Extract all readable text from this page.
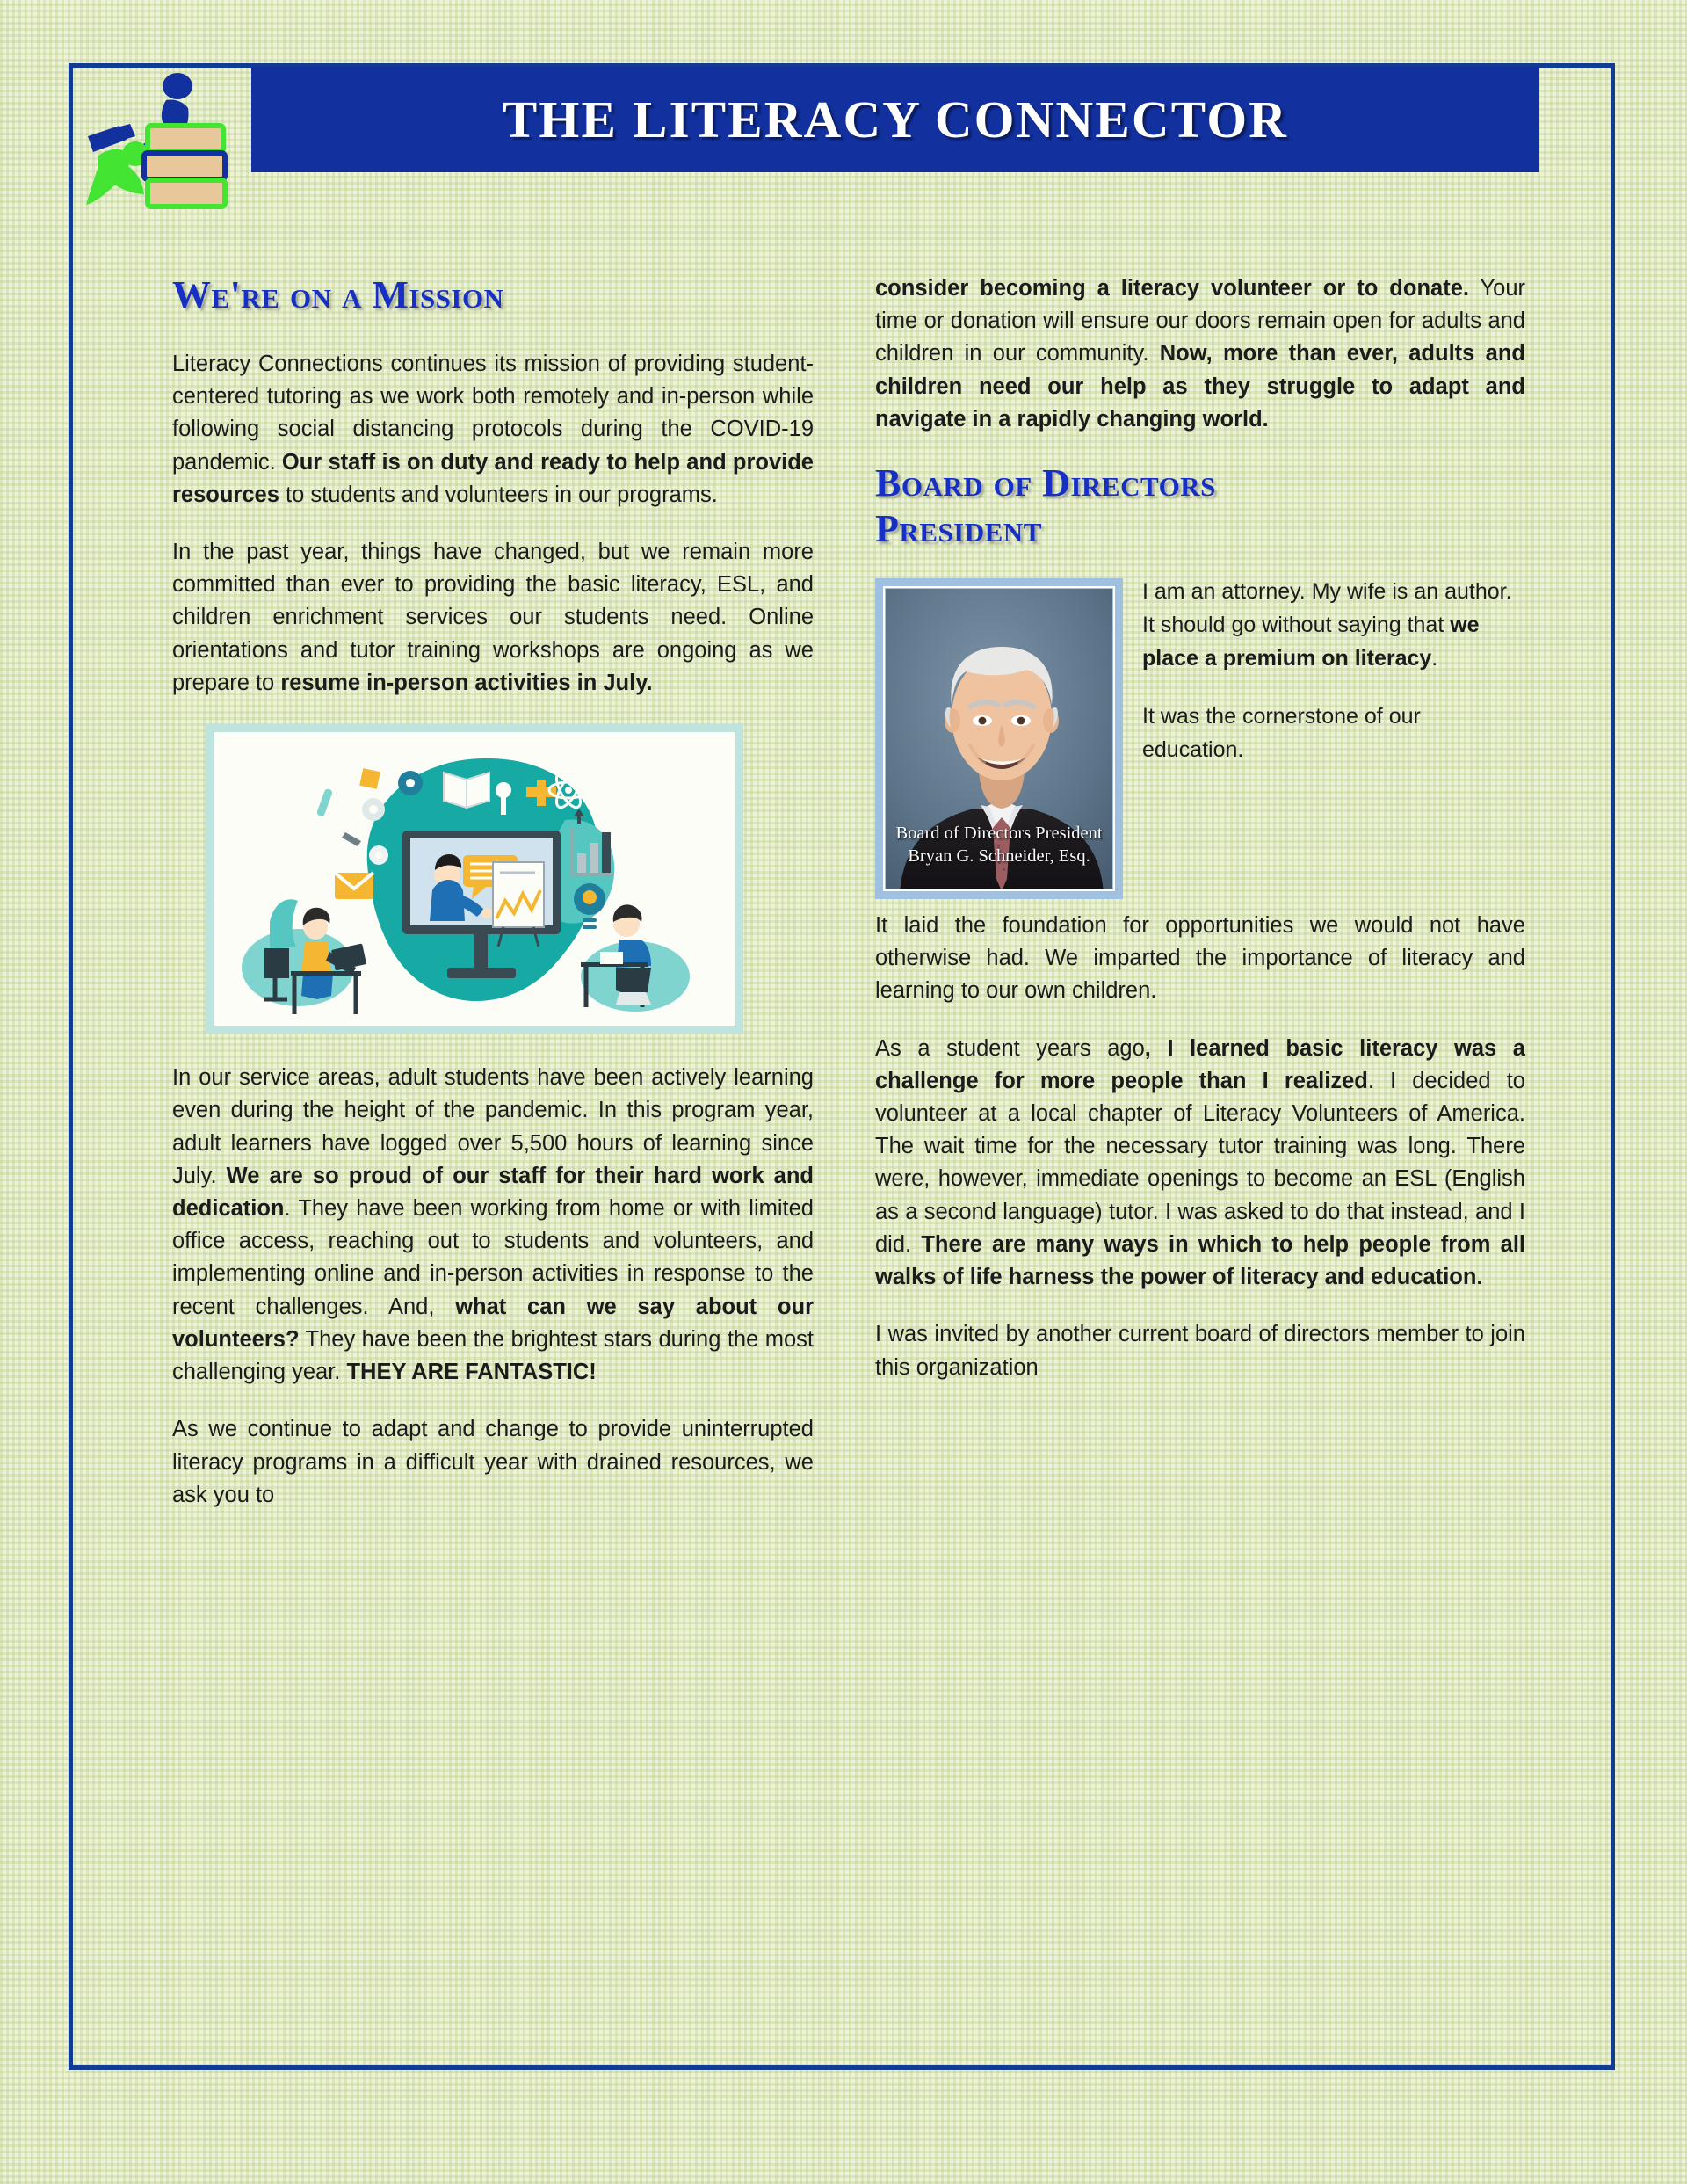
THE LITERACY CONNECTOR
We're on a Mission

Literacy Connections continues its mission of providing student-centered tutoring as we work both remotely and in-person while following social distancing protocols during the COVID-19 pandemic. Our staff is on duty and ready to help and provide resources to students and volunteers in our programs.

In the past year, things have changed, but we remain more committed than ever to providing the basic literacy, ESL, and children enrichment services our students need. Online orientations and tutor training workshops are ongoing as we prepare to resume in-person activities in July.

In our service areas, adult students have been actively learning even during the height of the pandemic. In this program year, adult learners have logged over 5,500 hours of learning since July. We are so proud of our staff for their hard work and dedication. They have been working from home or with limited office access, reaching out to students and volunteers, and implementing online and in-person activities in response to the recent challenges. And, what can we say about our volunteers? They have been the brightest stars during the most challenging year. THEY ARE FANTASTIC!

As we continue to adapt and change to provide uninterrupted literacy programs in a difficult year with drained resources, we ask you to

consider becoming a literacy volunteer or to donate. Your time or donation will ensure our doors remain open for adults and children in our community. Now, more than ever, adults and children need our help as they struggle to adapt and navigate in a rapidly changing world.

Board of Directors
President
Board of Directors President
Bryan G. Schneider, Esq.

I am an attorney. My wife is an author. It should go without saying that we place a premium on literacy.

It was the cornerstone of our education.

It laid the foundation for opportunities we would not have otherwise had. We imparted the importance of literacy and learning to our own children.

As a student years ago, I learned basic literacy was a challenge for more people than I realized. I decided to volunteer at a local chapter of Literacy Volunteers of America. The wait time for the necessary tutor training was long. There were, however, immediate openings to become an ESL (English as a second language) tutor. I was asked to do that instead, and I did. There are many ways in which to help people from all walks of life harness the power of literacy and education.

I was invited by another current board of directors member to join this organization
